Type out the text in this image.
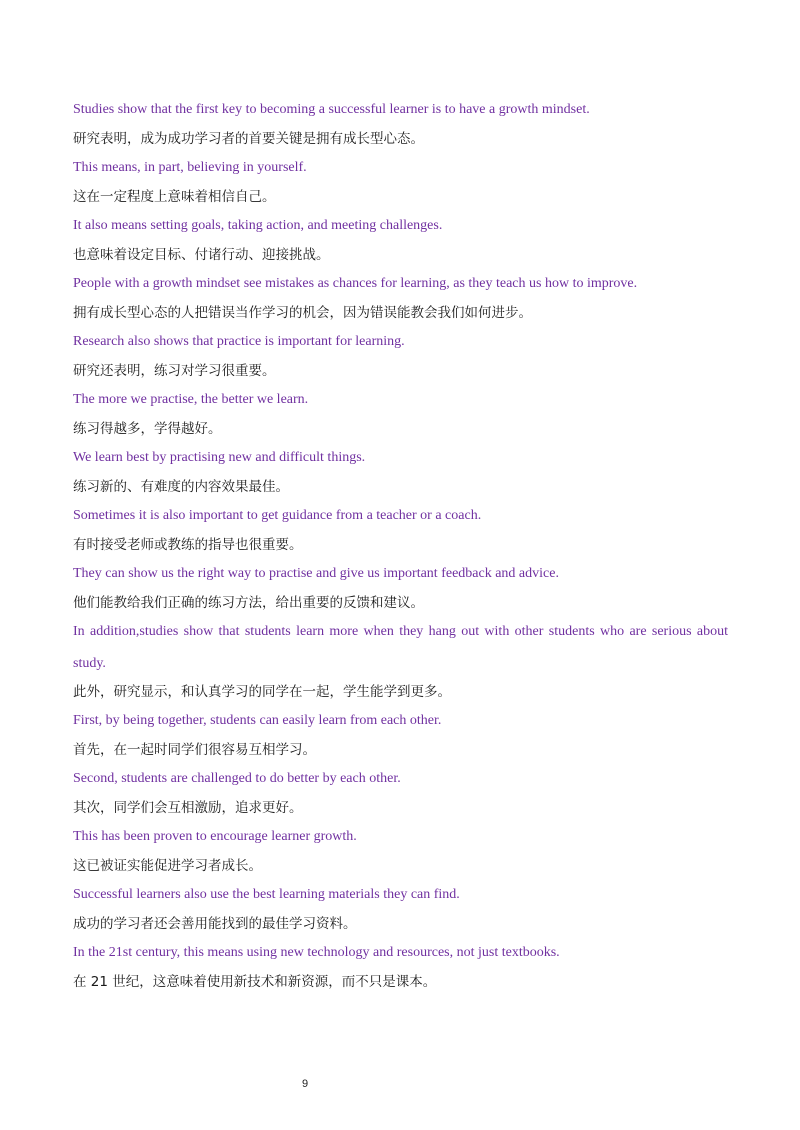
Studies show that the first key to becoming a successful learner is to have a growth mindset.

研究表明，成为成功学习者的首要关键是拥有成长型心态。

This means, in part, believing in yourself.

这在一定程度上意味着相信自己。

It also means setting goals, taking action, and meeting challenges.

也意味着设定目标、付诸行动、迎接挑战。

People with a growth mindset see mistakes as chances for learning, as they teach us how to improve.

拥有成长型心态的人把错误当作学习的机会，因为错误能教会我们如何进步。

Research also shows that practice is important for learning.

研究还表明，练习对学习很重要。

The more we practise, the better we learn.

练习得越多，学得越好。

We learn best by practising new and difficult things.

练习新的、有难度的内容效果最佳。

Sometimes it is also important to get guidance from a teacher or a coach.

有时接受老师或教练的指导也很重要。

They can show us the right way to practise and give us important feedback and advice.

他们能教给我们正确的练习方法，给出重要的反馈和建议。

In addition,studies show that students learn more when they hang out with other students who are serious about study.

此外，研究显示，和认真学习的同学在一起，学生能学到更多。

First, by being together, students can easily learn from each other.

首先，在一起时同学们很容易互相学习。

Second, students are challenged to do better by each other.

其次，同学们会互相激励，追求更好。

This has been proven to encourage learner growth.

这已被证实能促进学习者成长。

Successful learners also use the best learning materials they can find.

成功的学习者还会善用能找到的最佳学习资料。

In the 21st century, this means using new technology and resources, not just textbooks.

在 21 世纪，这意味着使用新技术和新资源，而不只是课本。

9
